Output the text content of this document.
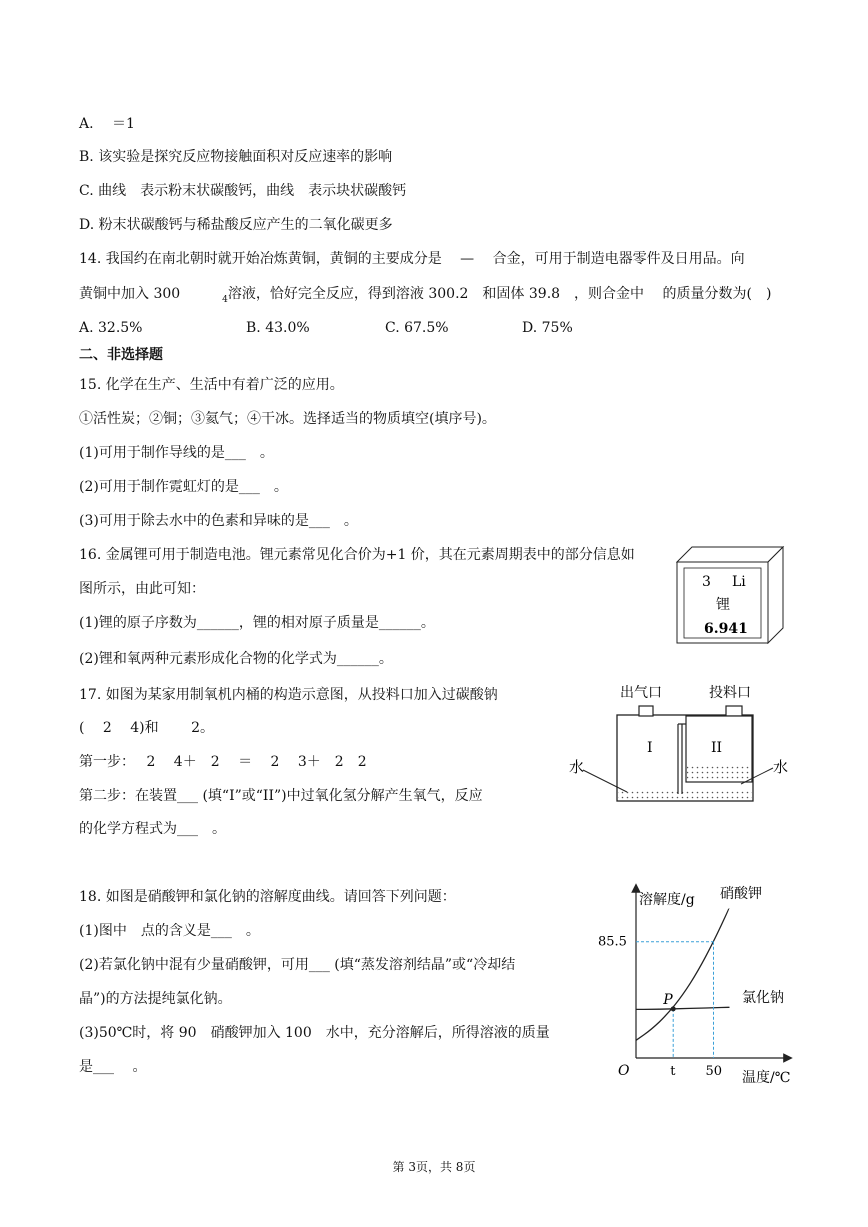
A.　 ＝1
B. 该实验是探究反应物接触面积对反应速率的影响
C. 曲线　表示粉末状碳酸钙，曲线　表示块状碳酸钙
D. 粉末状碳酸钙与稀盐酸反应产生的二氧化碳更多
14. 我国约在南北朝时就开始冶炼黄铜，黄铜的主要成分是　 —　 合金，可用于制造电器零件及日用品。向
黄铜中加入 300　　　$_4$溶液，恰好完全反应，得到溶液 300.2　和固体 39.8　，则合金中　 的质量分数为(　)
A. 32.5%	B. 43.0%	C. 67.5%	D. 75%
二、非选择题
15. 化学在生产、生活中有着广泛的应用。
①活性炭；②铜；③氦气；④干冰。选择适当的物质填空(填序号)。
(1)可用于制作导线的是___　。
(2)可用于制作霓虹灯的是___　。
(3)可用于除去水中的色素和异味的是___　。
16. 金属锂可用于制造电池。锂元素常见化合价为+1 价，其在元素周期表中的部分信息如
图所示，由此可知：
(1)锂的原子序数为______，锂的相对原子质量是______。
(2)锂和氧两种元素形成化合物的化学式为______。
3 Li
锂
6.941
17. 如图为某家用制氧机内桶的构造示意图，从投料口加入过碳酸钠
(　 2　 4)和　　 2。
第一步：　 2　 4＋　2　 ＝　 2　 3＋　2　2
第二步：在装置___ (填“I”或“II”)中过氧化氢分解产生氧气，反应
的化学方程式为___　。
出气口	投料口
I	II
水	水
18. 如图是硝酸钾和氯化钠的溶解度曲线。请回答下列问题：
(1)图中　点的含义是___　。
(2)若氯化钠中混有少量硝酸钾，可用___ (填“蒸发溶剂结晶”或“冷却结
晶”)的方法提纯氯化钠。
(3)50℃时，将 90　硝酸钾加入 100　水中，充分溶解后，所得溶液的质量
是___　 。
溶解度/g
温度/℃
O
85.5
t 50
硝酸钾
氯化钠
P
第 3页，共 8页
